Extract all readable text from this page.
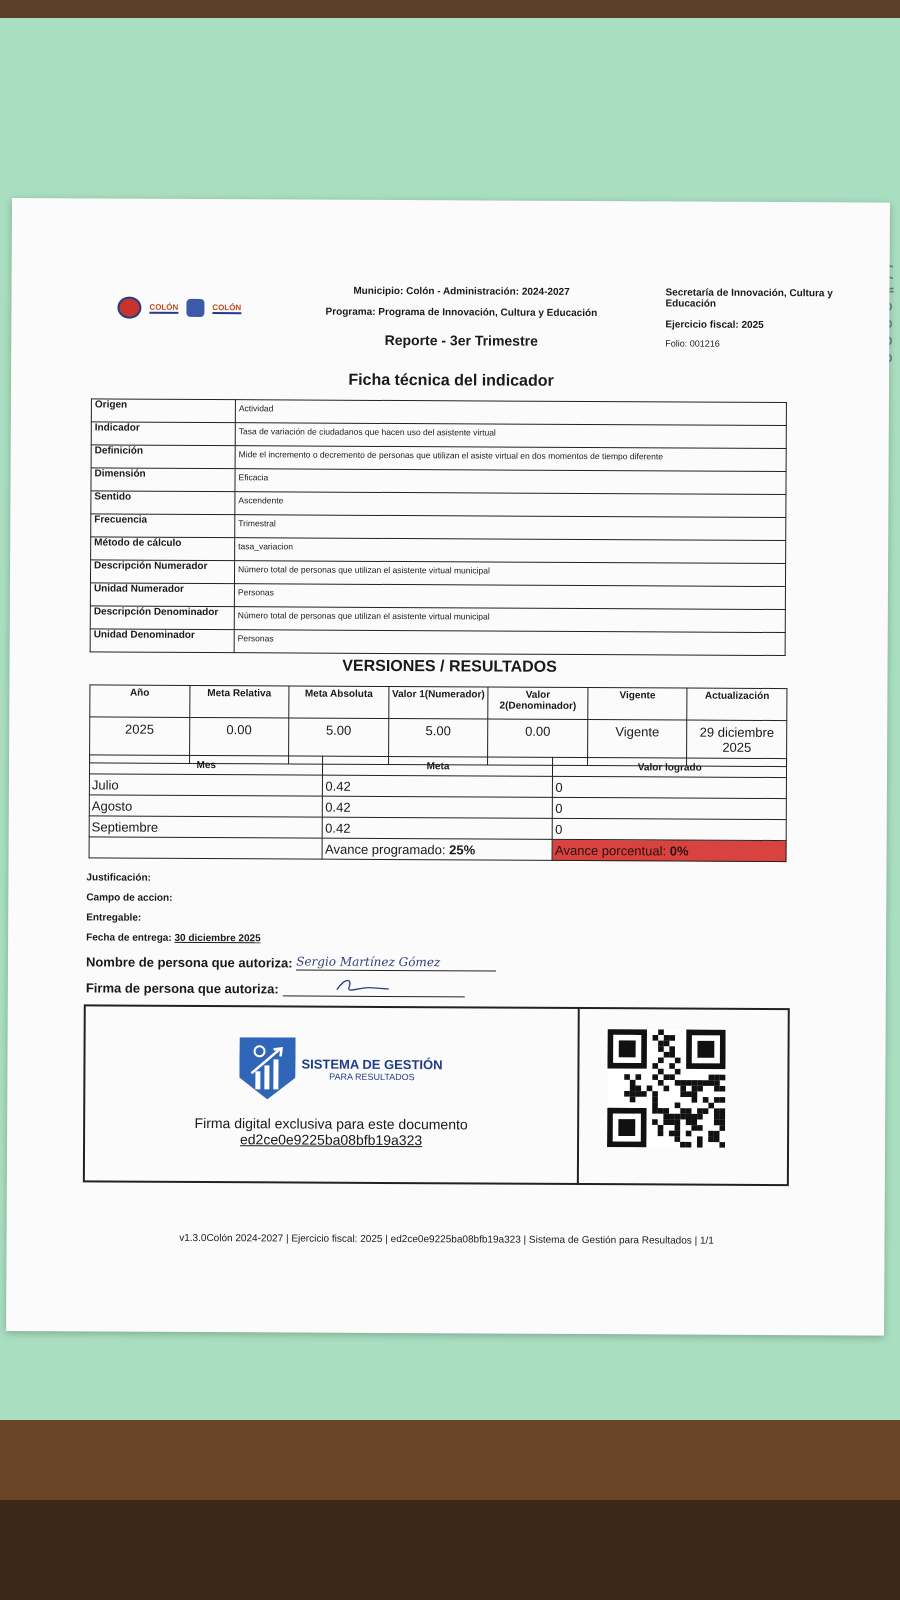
COLÓN	COLÓN
Municipio: Colón - Administración: 2024-2027
Programa: Programa de Innovación, Cultura y Educación
Reporte - 3er Trimestre
Secretaría de Innovación, Cultura y Educación
Ejercicio fiscal: 2025
Folio: 001216
Ficha técnica del indicador
Origen	Actividad
Indicador	Tasa de variación de ciudadanos que hacen uso del asistente virtual
Definición	Mide el incremento o decremento de personas que utilizan el asiste virtual en dos momentos de tiempo diferente
Dimensión	Eficacia
Sentido	Ascendente
Frecuencia	Trimestral
Método de cálculo	tasa_variacion
Descripción Numerador	Número total de personas que utilizan el asistente virtual municipal
Unidad Numerador	Personas
Descripción Denominador	Número total de personas que utilizan el asistente virtual municipal
Unidad Denominador	Personas
VERSIONES / RESULTADOS
Año	Meta Relativa	Meta Absoluta	Valor 1(Numerador)	Valor 2(Denominador)	Vigente	Actualización
2025	0.00	5.00	5.00	0.00	Vigente	29 diciembre 2025
Mes	Meta	Valor logrado
Julio	0.42	0
Agosto	0.42	0
Septiembre	0.42	0
	Avance programado: 25%	Avance porcentual: 0%
Justificación:
Campo de accion:
Entregable:
Fecha de entrega: 30 diciembre 2025
Nombre de persona que autoriza: Sergio Martínez Gómez
Firma de persona que autoriza:
SISTEMA DE GESTIÓN
PARA RESULTADOS
Firma digital exclusiva para este documento
ed2ce0e9225ba08bfb19a323
v1.3.0Colón 2024-2027 | Ejercicio fiscal: 2025 | ed2ce0e9225ba08bfb19a323 | Sistema de Gestión para Resultados | 1/1
